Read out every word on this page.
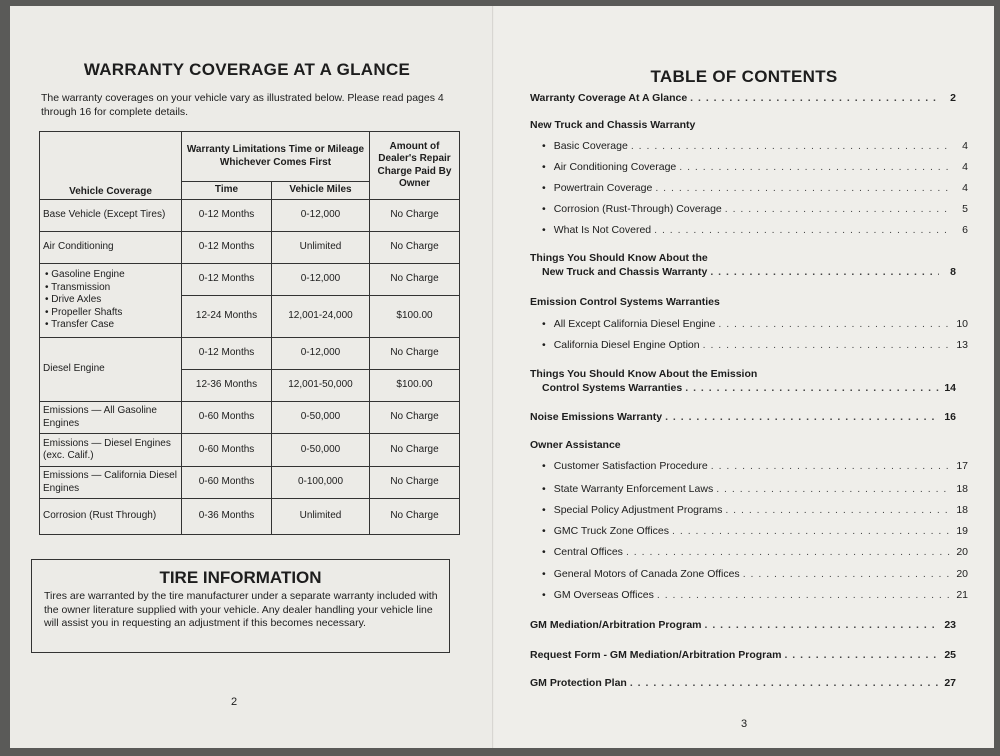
WARRANTY COVERAGE AT A GLANCE
The warranty coverages on your vehicle vary as illustrated below. Please read pages 4 through 16 for complete details.
Vehicle Coverage	Warranty Limitations Time or Mileage Whichever Comes First		Amount of Dealer's Repair Charge Paid By Owner
	Time	Vehicle Miles	
Base Vehicle (Except Tires)	0-12 Months	0-12,000	No Charge
Air Conditioning	0-12 Months	Unlimited	No Charge

• Gasoline Engine
• Transmission
• Drive Axles
• Propeller Shafts
• Transfer Case	0-12 Months	0-12,000	No Charge
	12-24 Months	12,001-24,000	$100.00
Diesel Engine	0-12 Months	0-12,000	No Charge
	12-36 Months	12,001-50,000	$100.00
Emissions — All Gasoline Engines	0-60 Months	0-50,000	No Charge
Emissions — Diesel Engines (exc. Calif.)	0-60 Months	0-50,000	No Charge
Emissions — California Diesel Engines	0-60 Months	0-100,000	No Charge
Corrosion (Rust Through)	0-36 Months	Unlimited	No Charge
TIRE INFORMATION
Tires are warranted by the tire manufacturer under a separate warranty included with the owner literature supplied with your vehicle. Any dealer handling your vehicle line will assist you in requesting an adjustment if this becomes necessary.
2
TABLE OF CONTENTS
Warranty Coverage At A Glance . . .	2
New Truck and Chassis Warranty
• Basic Coverage . . .	4
• Air Conditioning Coverage . . .	4
• Powertrain Coverage . . .	4
• Corrosion (Rust-Through) Coverage . . .	5
• What Is Not Covered . . .	6
Things You Should Know About the
New Truck and Chassis Warranty . . .	8
Emission Control Systems Warranties
• All Except California Diesel Engine . . .	10
• California Diesel Engine Option . . .	13
Things You Should Know About the Emission
Control Systems Warranties . . .	14
Noise Emissions Warranty . . .	16
Owner Assistance
• Customer Satisfaction Procedure . . .	17
• State Warranty Enforcement Laws . . .	18
• Special Policy Adjustment Programs . . .	18
• GMC Truck Zone Offices . . .	19
• Central Offices . . .	20
• General Motors of Canada Zone Offices . . .	20
• GM Overseas Offices . . .	21
GM Mediation/Arbitration Program . . .	23
Request Form - GM Mediation/Arbitration Program . . .	25
GM Protection Plan . . .	27
3
